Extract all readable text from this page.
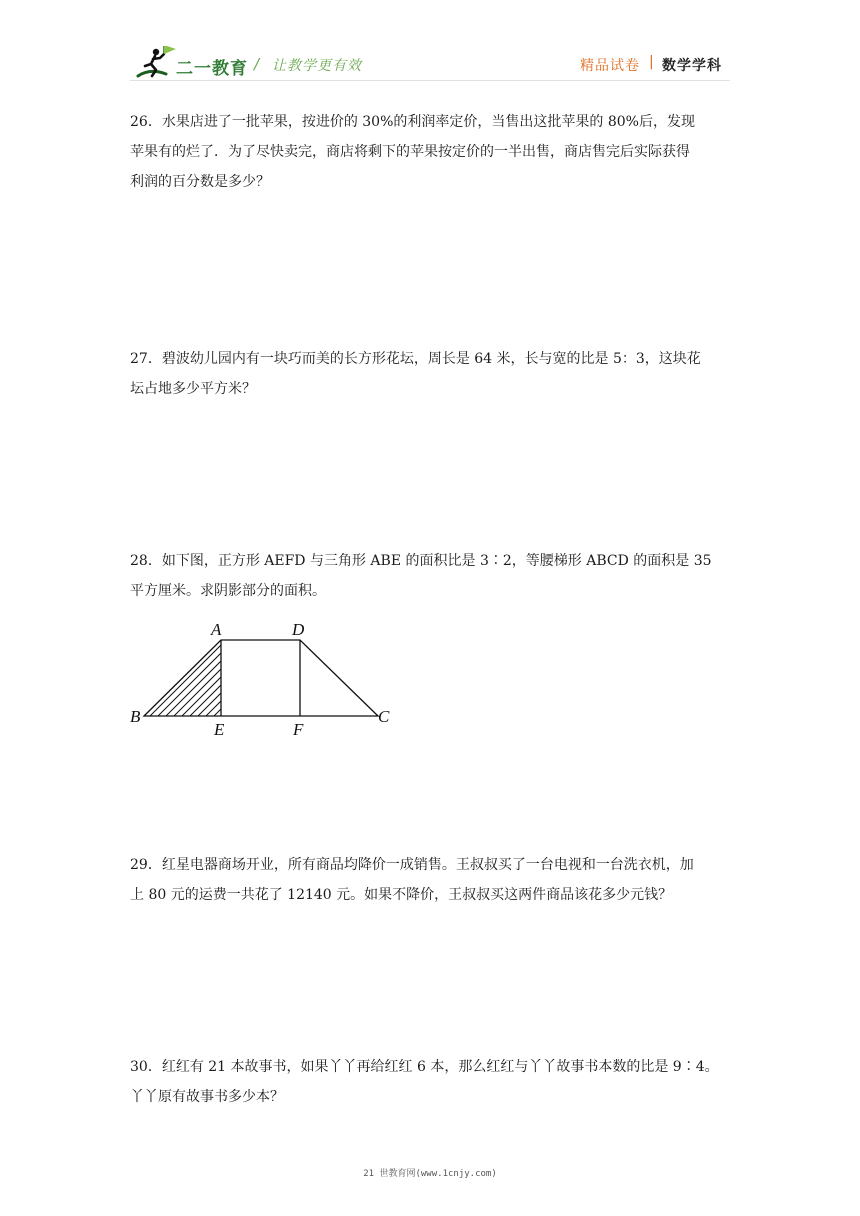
二一教育 / 让教学更有效	精品试卷 | 数学学科
26．水果店进了一批苹果，按进价的 30%的利润率定价，当售出这批苹果的 80%后，发现
苹果有的烂了．为了尽快卖完，商店将剩下的苹果按定价的一半出售，商店售完后实际获得
利润的百分数是多少？
27．碧波幼儿园内有一块巧而美的长方形花坛，周长是 64 米，长与宽的比是 5：3，这块花
坛占地多少平方米？
28．如下图，正方形 AEFD 与三角形 ABE 的面积比是 3∶2，等腰梯形 ABCD 的面积是 35
平方厘米。求阴影部分的面积。
A	D
B
E	F
C
29．红星电器商场开业，所有商品均降价一成销售。王叔叔买了一台电视和一台洗衣机，加
上 80 元的运费一共花了 12140 元。如果不降价，王叔叔买这两件商品该花多少元钱？
30．红红有 21 本故事书，如果丫丫再给红红 6 本，那么红红与丫丫故事书本数的比是 9∶4。
丫丫原有故事书多少本？
21 世教育网(www.1cnjy.com)
